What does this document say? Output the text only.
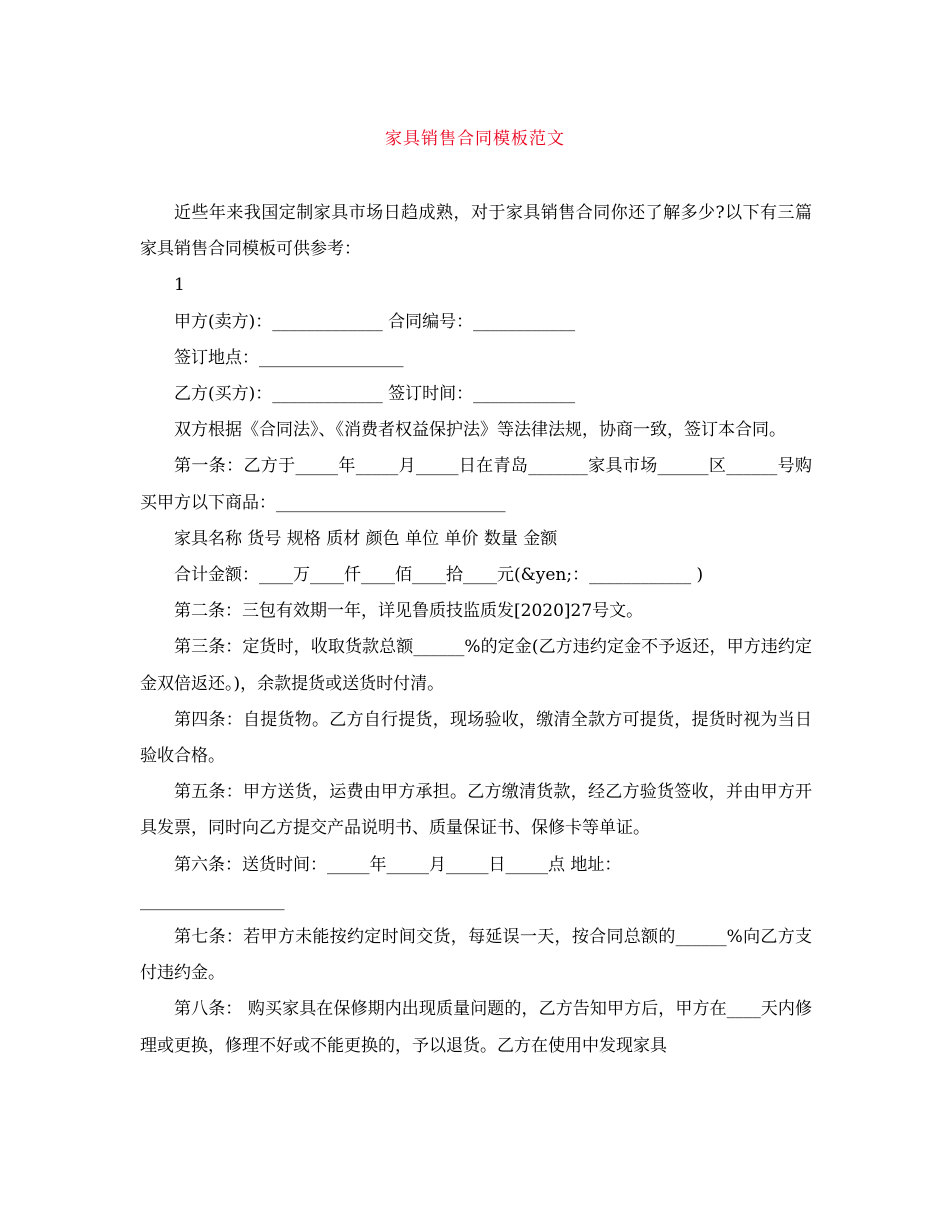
家具销售合同模板范文

近些年来我国定制家具市场日趋成熟，对于家具销售合同你还了解多少?以下有三篇家具销售合同模板可供参考：

1

甲方(卖方)：_____________ 合同编号：____________

签订地点：_________________

乙方(买方)：_____________ 签订时间：____________

双方根据《合同法》、《消费者权益保护法》等法律法规，协商一致，签订本合同。

第一条：乙方于_____年_____月_____日在青岛_______家具市场______区______号购买甲方以下商品：___________________________

家具名称 货号 规格 质材 颜色 单位 单价 数量 金额

合计金额：____万____仟____佰____拾____元(&yen;：____________ )

第二条：三包有效期一年，详见鲁质技监质发[2020]27号文。

第三条：定货时，收取货款总额______%的定金(乙方违约定金不予返还，甲方违约定金双倍返还。)，余款提货或送货时付清。

第四条：自提货物。乙方自行提货，现场验收，缴清全款方可提货，提货时视为当日验收合格。

第五条：甲方送货，运费由甲方承担。乙方缴清货款，经乙方验货签收，并由甲方开具发票，同时向乙方提交产品说明书、质量保证书、保修卡等单证。

第六条：送货时间：_____年_____月_____日_____点 地址：

_________________

第七条：若甲方未能按约定时间交货，每延误一天，按合同总额的______%向乙方支付违约金。

第八条： 购买家具在保修期内出现质量问题的，乙方告知甲方后，甲方在____天内修理或更换，修理不好或不能更换的，予以退货。乙方在使用中发现家具
